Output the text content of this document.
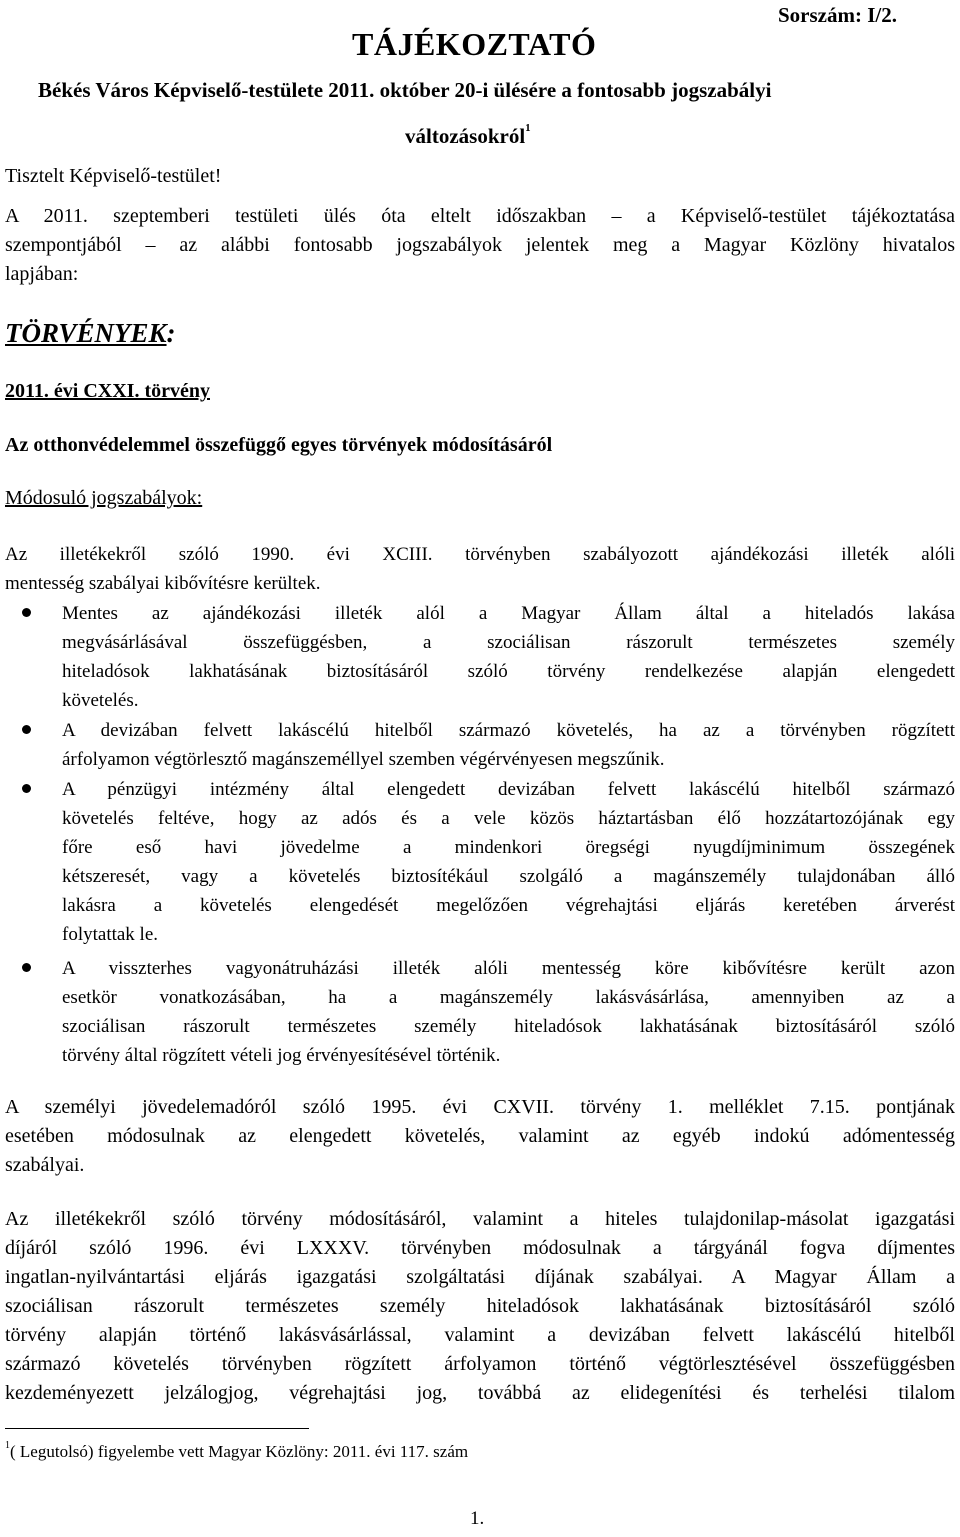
TÁJÉKOZTATÓ
Sorszám: I/2.
Békés Város Képviselő-testülete 2011. október 20-i ülésére a fontosabb jogszabályi
változásokról$^1$
Tisztelt Képviselő-testület!
A 2011. szeptemberi testületi ülés óta eltelt időszakban – a Képviselő-testület tájékoztatása
szempontjából – az alábbi fontosabb jogszabályok jelentek meg a Magyar Közlöny hivatalos
lapjában:
TÖRVÉNYEK:
2011. évi CXXI. törvény
Az otthonvédelemmel összefüggő egyes törvények módosításáról
Módosuló jogszabályok:
Az illetékekről szóló 1990. évi XCIII. törvényben szabályozott ajándékozási illeték alóli
mentesség szabályai kibővítésre kerültek.
Mentes az ajándékozási illeték alól a Magyar Állam által a hiteladós lakása
megvásárlásával összefüggésben, a szociálisan rászorult természetes személy
hiteladósok lakhatásának biztosításáról szóló törvény rendelkezése alapján elengedett
követelés.
A devizában felvett lakáscélú hitelből származó követelés, ha az a törvényben rögzített
árfolyamon végtörlesztő magánszeméllyel szemben végérvényesen megszűnik.
A pénzügyi intézmény által elengedett devizában felvett lakáscélú hitelből származó
követelés feltéve, hogy az adós és a vele közös háztartásban élő hozzátartozójának egy
főre eső havi jövedelme a mindenkori öregségi nyugdíjminimum összegének
kétszeresét, vagy a követelés biztosítékául szolgáló a magánszemély tulajdonában álló
lakásra a követelés elengedését megelőzően végrehajtási eljárás keretében árverést
folytattak le.
A visszterhes vagyonátruházási illeték alóli mentesség köre kibővítésre került azon
esetkör vonatkozásában, ha a magánszemély lakásvásárlása, amennyiben az a
szociálisan rászorult természetes személy hiteladósok lakhatásának biztosításáról szóló
törvény által rögzített vételi jog érvényesítésével történik.
A személyi jövedelemadóról szóló 1995. évi CXVII. törvény 1. melléklet 7.15. pontjának
esetében módosulnak az elengedett követelés, valamint az egyéb indokú adómentesség
szabályai.
Az illetékekről szóló törvény módosításáról, valamint a hiteles tulajdonilap-másolat igazgatási
díjáról szóló 1996. évi LXXXV. törvényben módosulnak a tárgyánál fogva díjmentes
ingatlan-nyilvántartási eljárás igazgatási szolgáltatási díjának szabályai. A Magyar Állam a
szociálisan rászorult természetes személy hiteladósok lakhatásának biztosításáról szóló
törvény alapján történő lakásvásárlással, valamint a devizában felvett lakáscélú hitelből
származó követelés törvényben rögzített árfolyamon történő végtörlesztésével összefüggésben
kezdeményezett jelzálogjog, végrehajtási jog, továbbá az elidegenítési és terhelési tilalom
$^1$( Legutolsó) figyelembe vett Magyar Közlöny: 2011. évi 117. szám
1.
